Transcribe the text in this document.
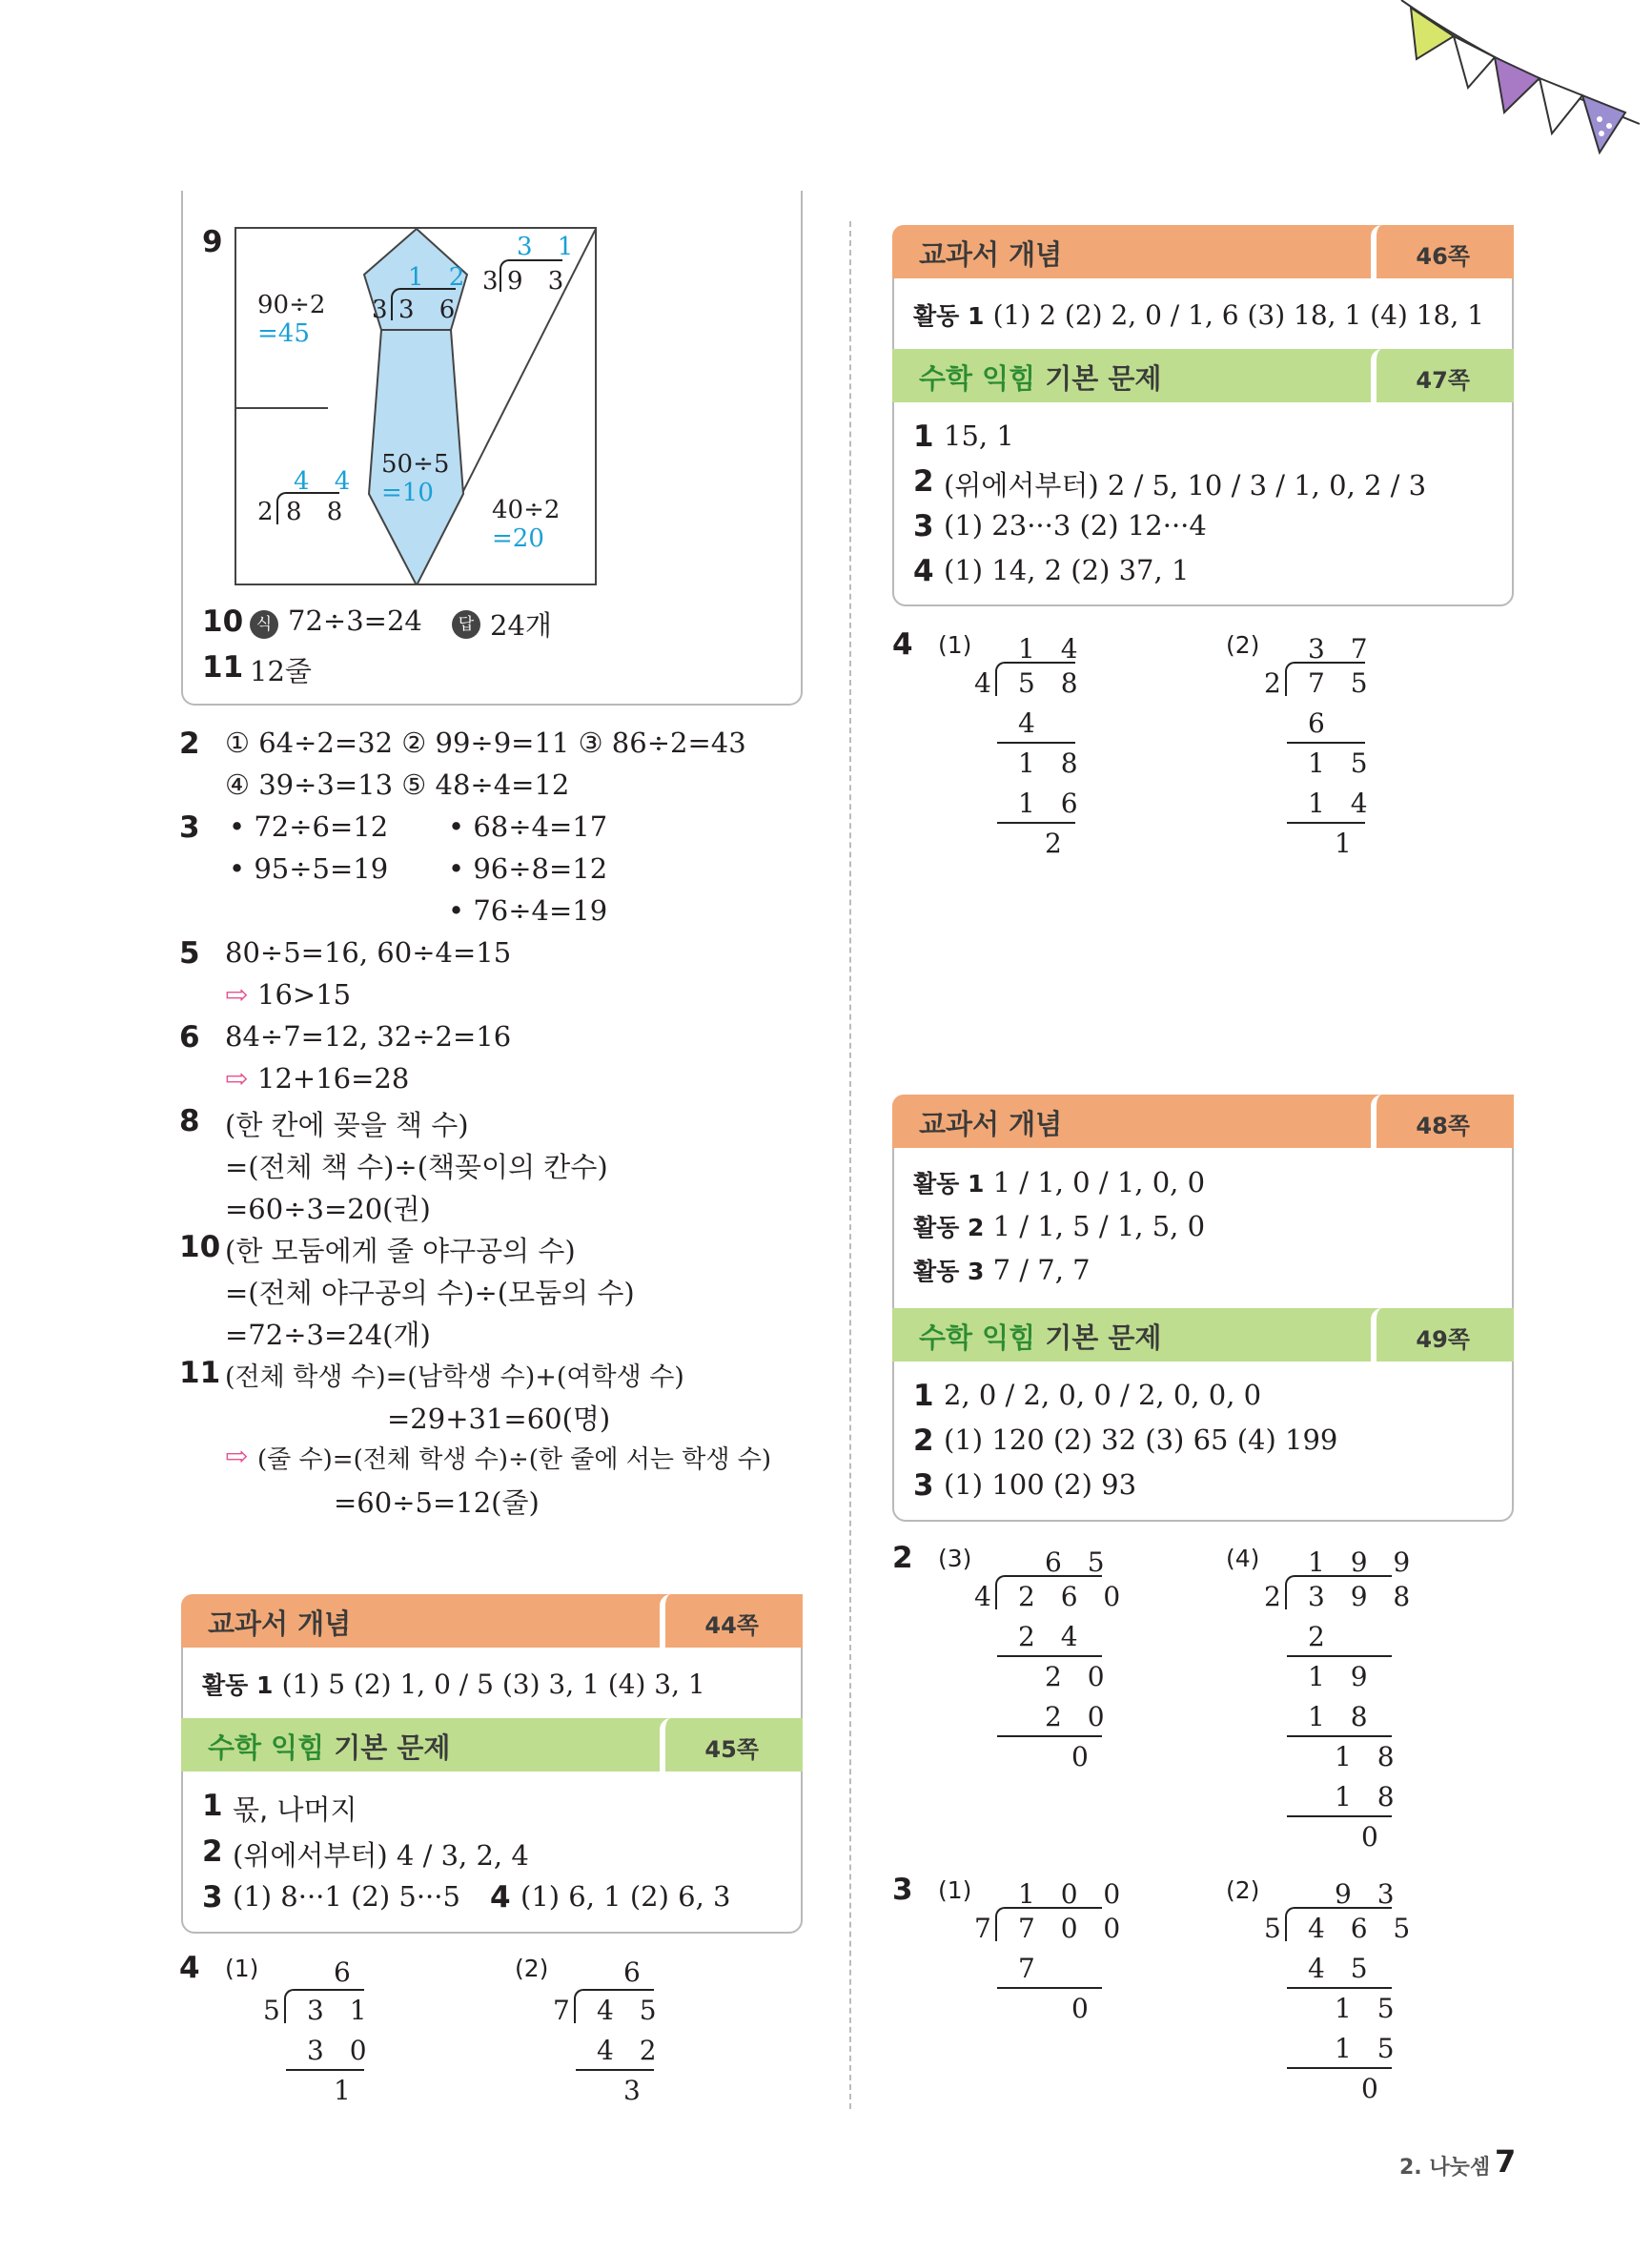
9	3 1
3 9 3
1 2
3 3 6
90÷2
=45
4 4
2 8 8
50÷5
=10
40÷2
=20
10 식 72÷3=24	답 24개
11 12줄
2 ① 64÷2=32 ② 99÷9=11 ③ 86÷2=43
④ 39÷3=13 ⑤ 48÷4=12
3 • 72÷6=12 • 68÷4=17
• 95÷5=19 • 96÷8=12
• 76÷4=19
5 80÷5=16, 60÷4=15
⇨ 16>15
6 84÷7=12, 32÷2=16
⇨ 12+16=28
8 (한 칸에 꽂을 책 수)
=(전체 책 수)÷(책꽂이의 칸수)
=60÷3=20(권)
10 (한 모둠에게 줄 야구공의 수)
=(전체 야구공의 수)÷(모둠의 수)
=72÷3=24(개)
11 (전체 학생 수)=(남학생 수)+(여학생 수)
=29+31=60(명)
⇨ (줄 수)=(전체 학생 수)÷(한 줄에 서는 학생 수)
=60÷5=12(줄)
교과서 개념	44쪽
활동 1 (1) 5 (2) 1, 0 / 5 (3) 3, 1 (4) 3, 1
수학 익힘 기본 문제	45쪽
1 몫, 나머지
2 (위에서부터) 4 / 3, 2, 4
3 (1) 8···1 (2) 5···5 4 (1) 6, 1 (2) 6, 3
4 (1)	6
5 3 1
3 0
1
(2)	6
7 4 5
4 2
3
교과서 개념	46쪽
활동 1 (1) 2 (2) 2, 0 / 1, 6 (3) 18, 1 (4) 18, 1
수학 익힘 기본 문제	47쪽
1 15, 1
2 (위에서부터) 2 / 5, 10 / 3 / 1, 0, 2 / 3
3 (1) 23···3 (2) 12···4
4 (1) 14, 2 (2) 37, 1
4 (1) 1 4
4 5 8
4
1 8
1 6
2
(2) 3 7
2 7 5
6
1 5
1 4
1
교과서 개념	48쪽
활동 1 1 / 1, 0 / 1, 0, 0
활동 2 1 / 1, 5 / 1, 5, 0
활동 3 7 / 7, 7
수학 익힘 기본 문제	49쪽
1 2, 0 / 2, 0, 0 / 2, 0, 0, 0
2 (1) 120 (2) 32 (3) 65 (4) 199
3 (1) 100 (2) 93
2 (3)	6 5
4 2 6 0
2 4
2 0
2 0
0
(4) 1 9 9
2 3 9 8
2
1 9
1 8
1 8
1 8
0
3 (1) 1 0 0
7 7 0 0
7
0
(2)	9 3
5 4 6 5
4 5
1 5
1 5
0
2. 나눗셈 7
